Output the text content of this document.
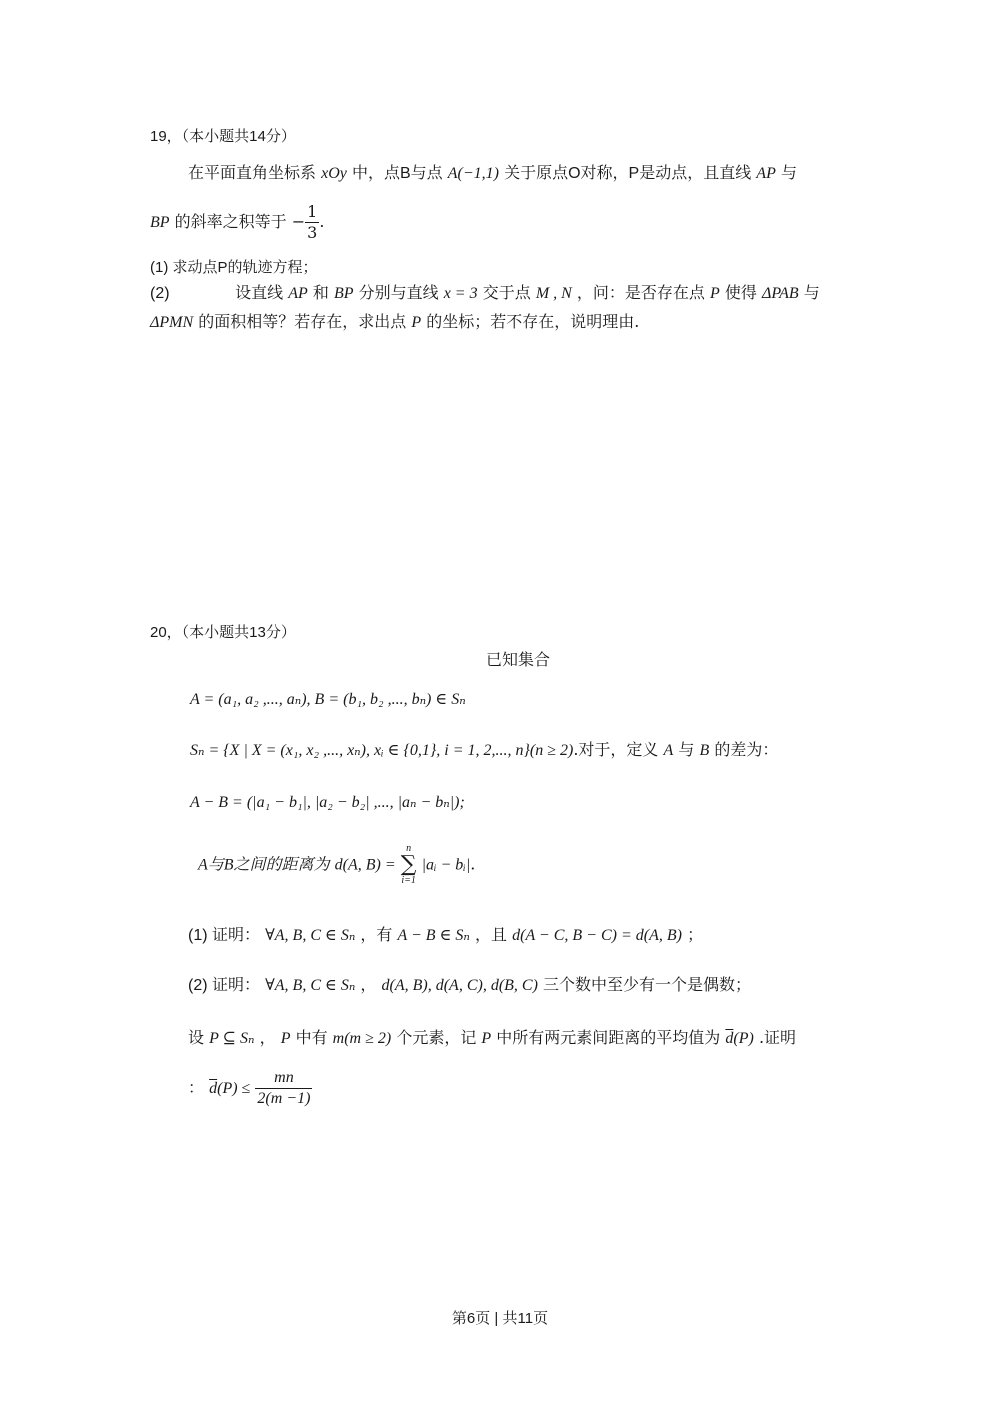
19，（本小题共14分）
在平面直角坐标系 xOy 中，点B与点 A(−1,1) 关于原点O对称，P是动点，且直线 AP 与
BP 的斜率之积等于 − $\frac{1}{3}$ .
(1) 求动点P的轨迹方程；
(2)	设直线 AP 和 BP 分别与直线 x = 3 交于点 M , N ，问：是否存在点 P 使得 ΔPAB 与
ΔPMN 的面积相等？若存在，求出点 P 的坐标；若不存在，说明理由.
20，（本小题共13分）
已知集合
A = (a₁, a₂ ,..., aₙ), B = (b₁, b₂ ,..., bₙ) ∈ Sₙ
Sₙ = {X | X = (x₁, x₂ ,..., xₙ), xᵢ ∈ {0,1}, i = 1, 2,..., n}(n ≥ 2).对于，定义 A 与 B 的差为：
A − B = (|a₁ − b₁|, |a₂ − b₂| ,..., |aₙ − bₙ|);
A与B之间的距离为 d(A, B) =
n
∑
i=1
|aᵢ − bᵢ|.
(1) 证明： ∀A, B, C ∈ Sₙ ，有 A − B ∈ Sₙ ，且 d(A − C, B − C) = d(A, B) ；
(2) 证明： ∀A, B, C ∈ Sₙ ， d(A, B), d(A, C), d(B, C) 三个数中至少有一个是偶数；
设 P ⊆ Sₙ ， P 中有 m(m ≥ 2) 个元素，记 P 中所有两元素间距离的平均值为 $\overline{d}(P)$ .证明
： $\overline{d}(P) \le \frac{mn}{2(m -1)}$
第6页 | 共11页
